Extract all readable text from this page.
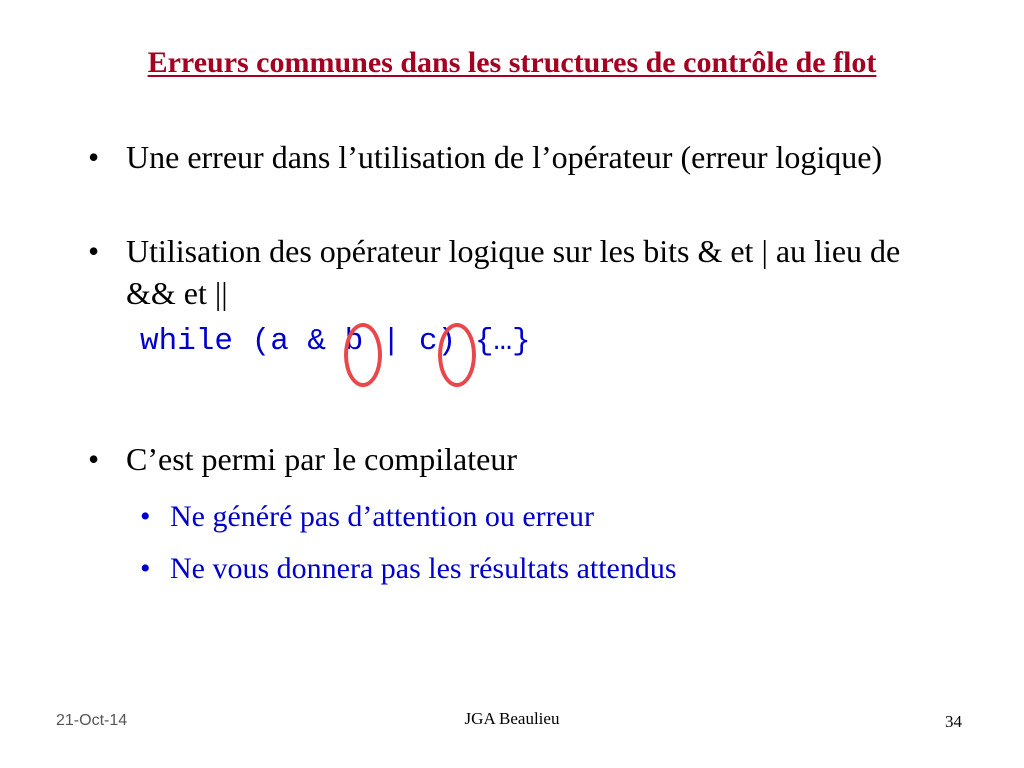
Erreurs communes dans les structures de contrôle de flot
• Une erreur dans l’utilisation de l’opérateur (erreur logique)
• Utilisation des opérateur logique sur les bits & et | au lieu de && et ||
while (a & b | c) {…}
• C’est permi par le compilateur
• Ne généré pas d’attention ou erreur
• Ne vous donnera pas les résultats attendus
21-Oct-14	JGA Beaulieu	34
